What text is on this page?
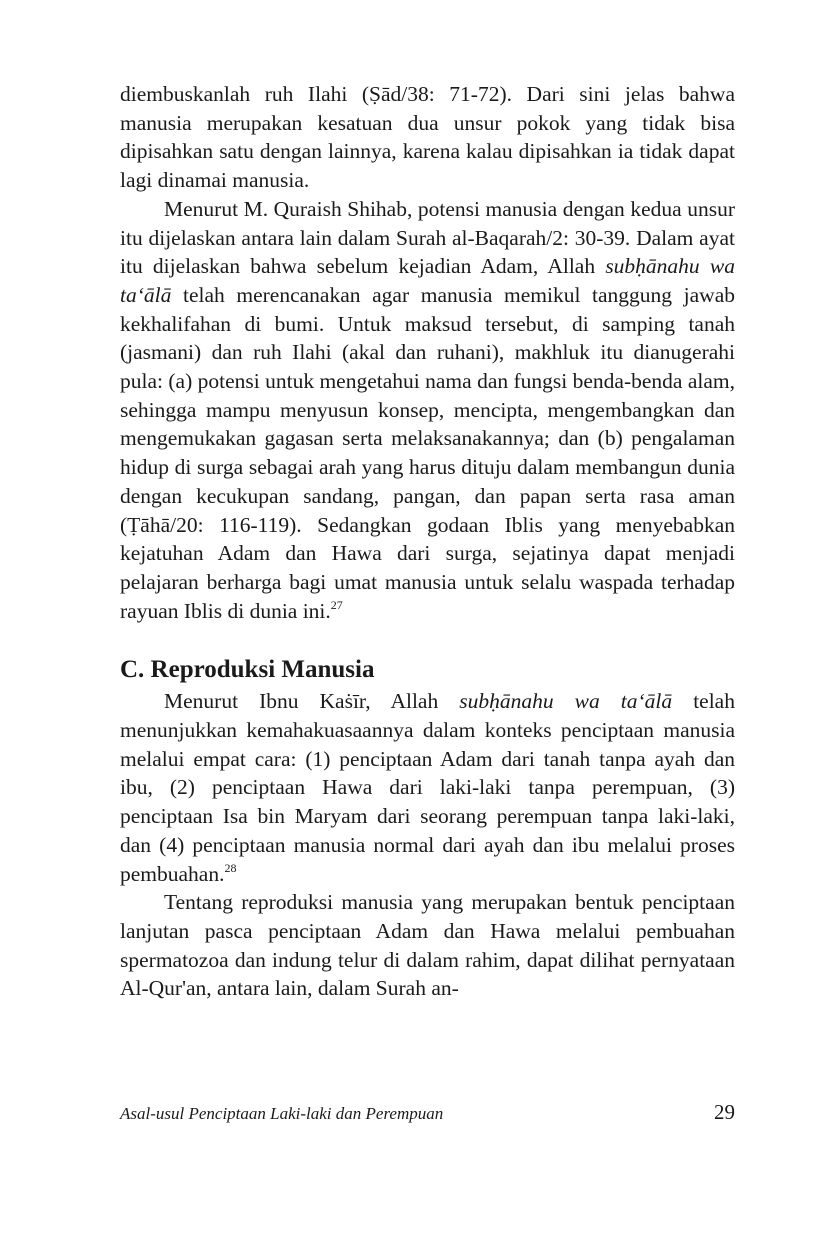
diembuskanlah ruh Ilahi (Ṣād/38: 71-72). Dari sini jelas bahwa manusia merupakan kesatuan dua unsur pokok yang tidak bisa dipisahkan satu dengan lainnya, karena kalau dipisahkan ia tidak dapat lagi dinamai manusia.

Menurut M. Quraish Shihab, potensi manusia dengan kedua unsur itu dijelaskan antara lain dalam Surah al-Baqarah/2: 30-39. Dalam ayat itu dijelaskan bahwa sebelum kejadian Adam, Allah subḥānahu wa ta‘ālā telah merencanakan agar manusia memikul tanggung jawab kekhalifahan di bumi. Untuk maksud tersebut, di samping tanah (jasmani) dan ruh Ilahi (akal dan ruhani), makhluk itu dianugerahi pula: (a) potensi untuk mengetahui nama dan fungsi benda-benda alam, sehingga mampu menyusun konsep, mencipta, mengembangkan dan mengemukakan gagasan serta melaksanakannya; dan (b) pengalaman hidup di surga sebagai arah yang harus dituju dalam membangun dunia dengan kecukupan sandang, pangan, dan papan serta rasa aman (Ṭāhā/20: 116-119). Sedangkan godaan Iblis yang menyebabkan kejatuhan Adam dan Hawa dari surga, sejatinya dapat menjadi pelajaran berharga bagi umat manusia untuk selalu waspada terhadap rayuan Iblis di dunia ini.$^{27}$

C. Reproduksi Manusia

Menurut Ibnu Kaṡīr, Allah subḥānahu wa ta‘ālā telah menunjukkan kemahakuasaannya dalam konteks penciptaan manusia melalui empat cara: (1) penciptaan Adam dari tanah tanpa ayah dan ibu, (2) penciptaan Hawa dari laki-laki tanpa perempuan, (3) penciptaan Isa bin Maryam dari seorang perempuan tanpa laki-laki, dan (4) penciptaan manusia normal dari ayah dan ibu melalui proses pembuahan.$^{28}$

Tentang reproduksi manusia yang merupakan bentuk penciptaan lanjutan pasca penciptaan Adam dan Hawa melalui pembuahan spermatozoa dan indung telur di dalam rahim, dapat dilihat pernyataan Al-Qur'an, antara lain, dalam Surah an-

Asal-usul Penciptaan Laki-laki dan Perempuan	29
